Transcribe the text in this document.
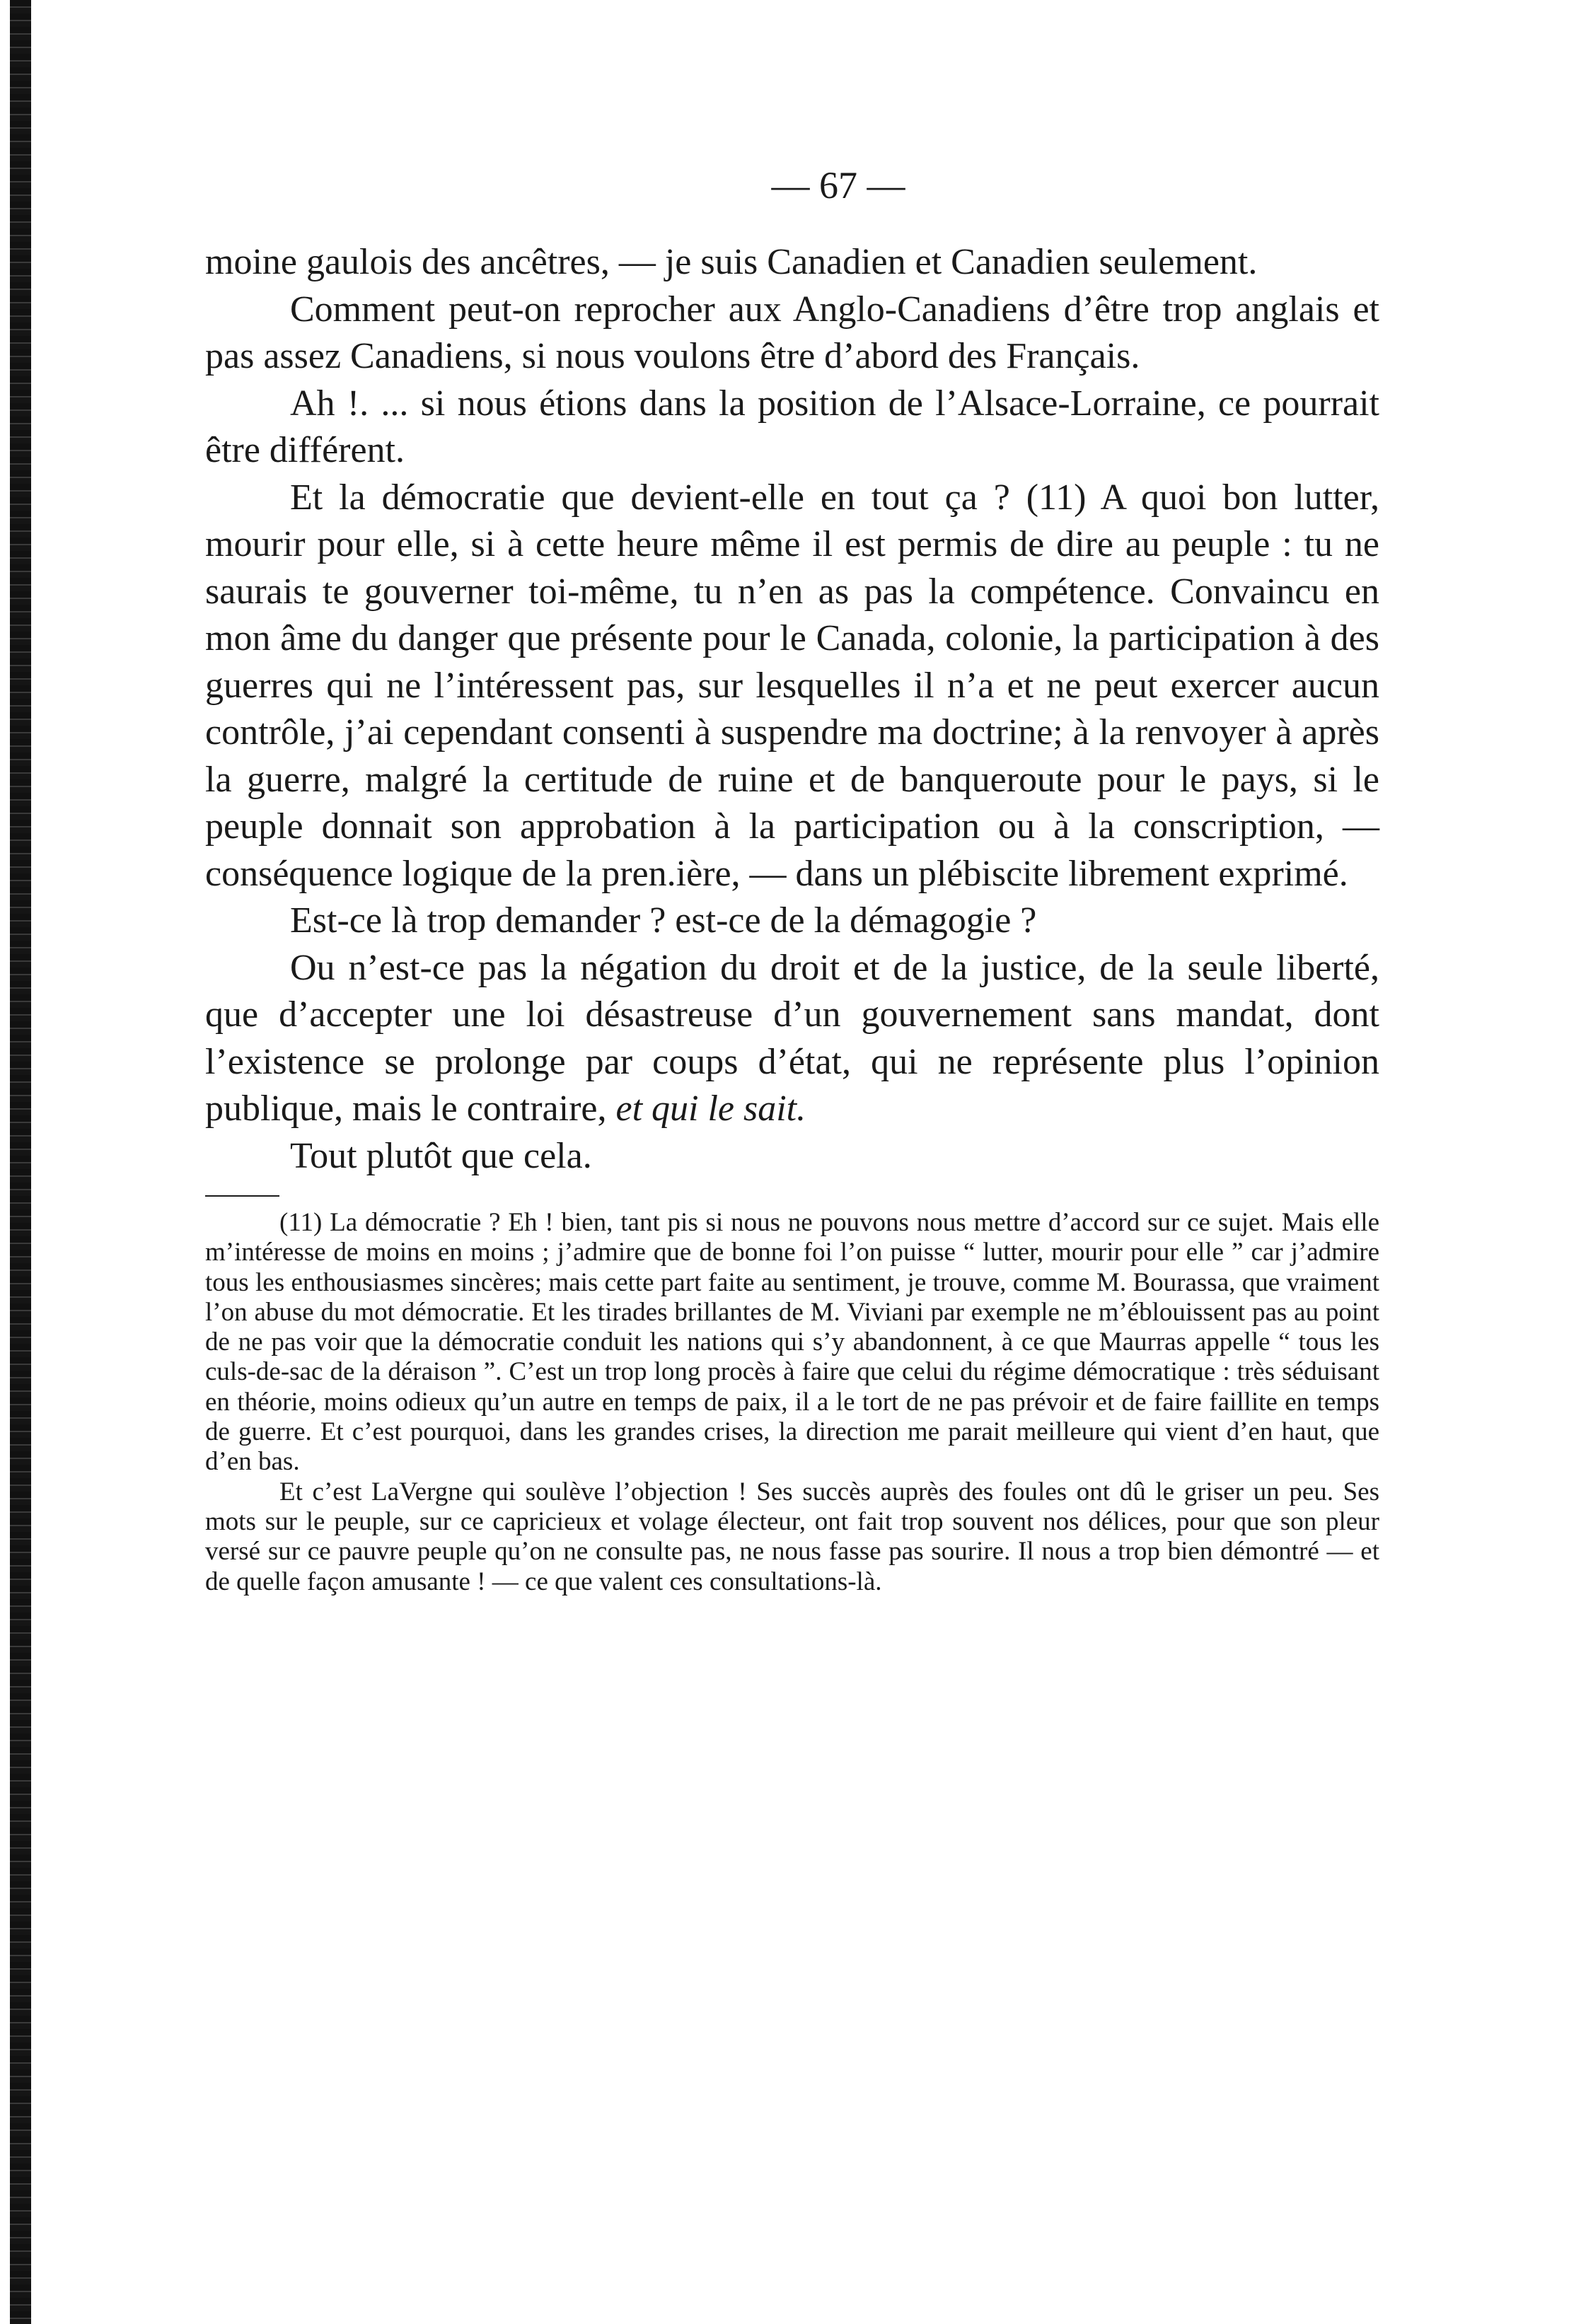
— 67 —

moine gaulois des ancêtres, — je suis Canadien et Canadien seulement.

Comment peut-on reprocher aux Anglo-Canadiens d’être trop anglais et pas assez Canadiens, si nous voulons être d’abord des Français.

Ah !. ... si nous étions dans la position de l’Alsace-Lorraine, ce pourrait être différent.

Et la démocratie que devient-elle en tout ça ? (11) A quoi bon lutter, mourir pour elle, si à cette heure même il est permis de dire au peuple : tu ne saurais te gouverner toi-même, tu n’en as pas la compétence. Convaincu en mon âme du danger que présente pour le Canada, colonie, la participation à des guerres qui ne l’intéressent pas, sur lesquelles il n’a et ne peut exercer aucun contrôle, j’ai cependant consenti à suspendre ma doctrine; à la renvoyer à après la guerre, malgré la certitude de ruine et de banqueroute pour le pays, si le peuple donnait son approbation à la participation ou à la conscription, — conséquence logique de la pren.ière, — dans un plébiscite librement exprimé.

Est-ce là trop demander ? est-ce de la démagogie ?

Ou n’est-ce pas la négation du droit et de la justice, de la seule liberté, que d’accepter une loi désastreuse d’un gouvernement sans mandat, dont l’existence se prolonge par coups d’état, qui ne représente plus l’opinion publique, mais le contraire, et qui le sait.

Tout plutôt que cela.

(11) La démocratie ? Eh ! bien, tant pis si nous ne pouvons nous mettre d’accord sur ce sujet. Mais elle m’intéresse de moins en moins ; j’admire que de bonne foi l’on puisse “ lutter, mourir pour elle ” car j’admire tous les enthousiasmes sincères; mais cette part faite au sentiment, je trouve, comme M. Bourassa, que vraiment l’on abuse du mot démocratie. Et les tirades brillantes de M. Viviani par exemple ne m’éblouissent pas au point de ne pas voir que la démocratie conduit les nations qui s’y abandonnent, à ce que Maurras appelle “ tous les culs-de-sac de la déraison ”. C’est un trop long procès à faire que celui du régime démocratique : très séduisant en théorie, moins odieux qu’un autre en temps de paix, il a le tort de ne pas prévoir et de faire faillite en temps de guerre. Et c’est pourquoi, dans les grandes crises, la direction me parait meilleure qui vient d’en haut, que d’en bas.

Et c’est LaVergne qui soulève l’objection ! Ses succès auprès des foules ont dû le griser un peu. Ses mots sur le peuple, sur ce capricieux et volage électeur, ont fait trop souvent nos délices, pour que son pleur versé sur ce pauvre peuple qu’on ne consulte pas, ne nous fasse pas sourire. Il nous a trop bien démontré — et de quelle façon amusante ! — ce que valent ces consultations-là.
